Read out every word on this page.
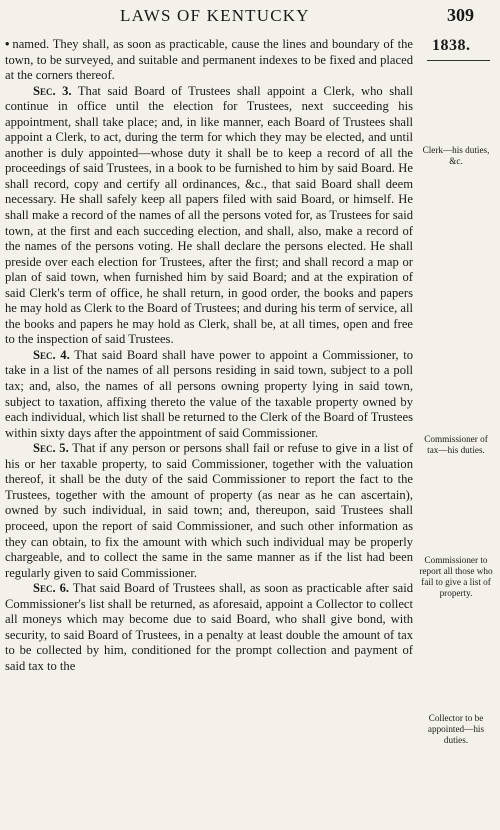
LAWS OF KENTUCKY	309
1838.

• named. They shall, as soon as practicable, cause the lines and boundary of the town, to be surveyed, and suitable and permanent indexes to be fixed and placed at the corners thereof.

Sec. 3. That said Board of Trustees shall appoint a Clerk, who shall continue in office until the election for Trustees, next succeeding his appointment, shall take place; and, in like manner, each Board of Trustees shall appoint a Clerk, to act, during the term for which they may be elected, and until another is duly appointed—whose duty it shall be to keep a record of all the proceedings of said Trustees, in a book to be furnished to him by said Board. He shall record, copy and certify all ordinances, &c., that said Board shall deem necessary. He shall safely keep all papers filed with said Board, or himself. He shall make a record of the names of all the persons voted for, as Trustees for said town, at the first and each succeding election, and shall, also, make a record of the names of the persons voting. He shall declare the persons elected. He shall preside over each election for Trustees, after the first; and shall record a map or plan of said town, when furnished him by said Board; and at the expiration of said Clerk's term of office, he shall return, in good order, the books and papers he may hold as Clerk to the Board of Trustees; and during his term of service, all the books and papers he may hold as Clerk, shall be, at all times, open and free to the inspection of said Trustees.

Sec. 4. That said Board shall have power to appoint a Commissioner, to take in a list of the names of all persons residing in said town, subject to a poll tax; and, also, the names of all persons owning property lying in said town, subject to taxation, affixing thereto the value of the taxable property owned by each individual, which list shall be returned to the Clerk of the Board of Trustees within sixty days after the appointment of said Commissioner.

Sec. 5. That if any person or persons shall fail or refuse to give in a list of his or her taxable property, to said Commissioner, together with the valuation thereof, it shall be the duty of the said Commissioner to report the fact to the Trustees, together with the amount of property (as near as he can ascertain), owned by such individual, in said town; and, thereupon, said Trustees shall proceed, upon the report of said Commissioner, and such other information as they can obtain, to fix the amount with which such individual may be properly chargeable, and to collect the same in the same manner as if the list had been regularly given to said Commissioner.

Sec. 6. That said Board of Trustees shall, as soon as practicable after said Commissioner's list shall be returned, as aforesaid, appoint a Collector to collect all moneys which may become due to said Board, who shall give bond, with security, to said Board of Trustees, in a penalty at least double the amount of tax to be collected by him, conditioned for the prompt collection and payment of said tax to the

Clerk—his duties, &c.
Commissioner of tax—his duties.
Commissioner to report all those who fail to give a list of property.
Collector to be appointed—his duties.
